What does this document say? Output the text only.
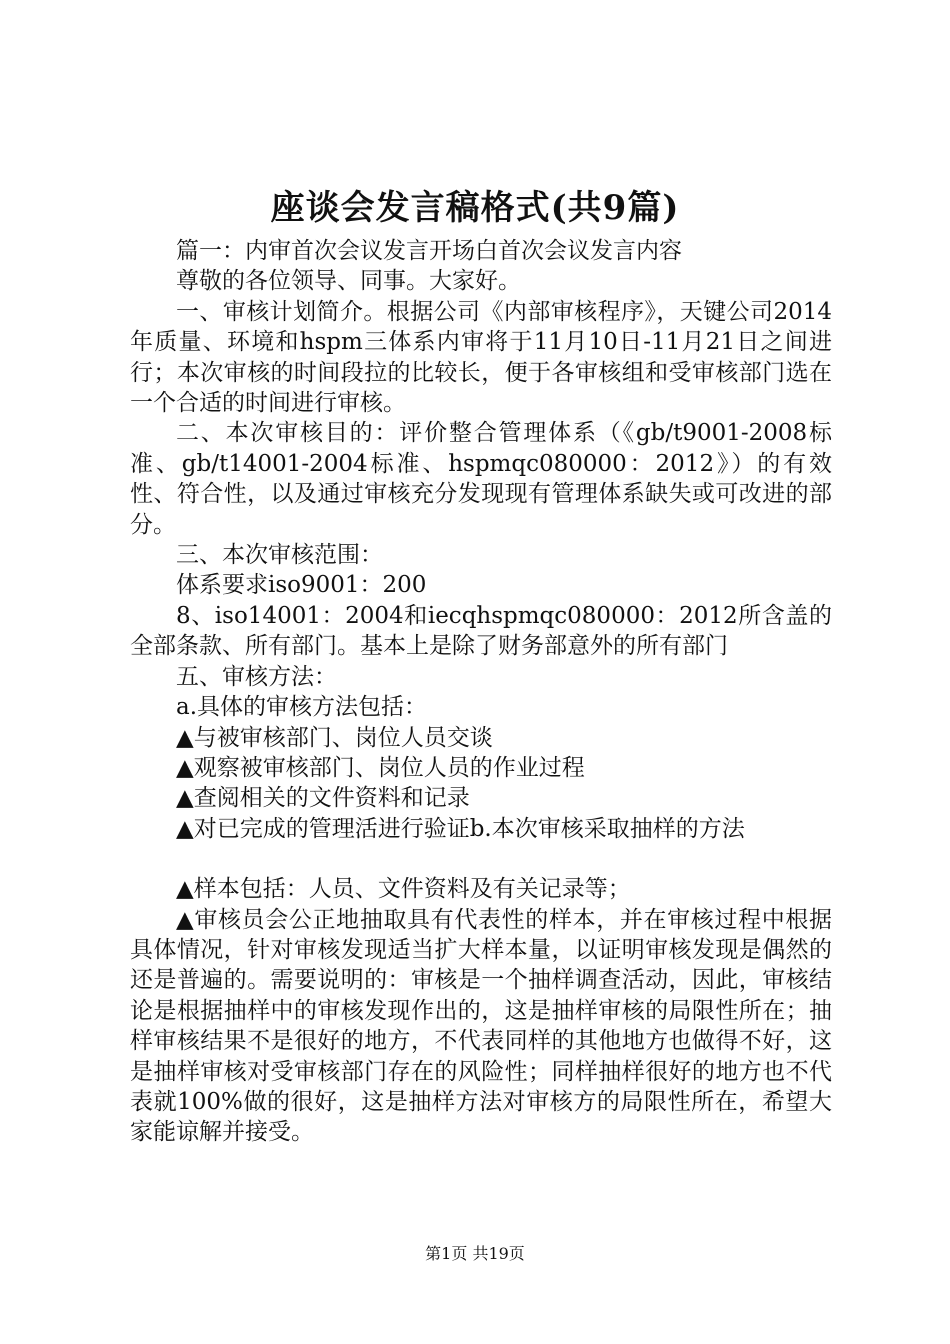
座谈会发言稿格式(共9篇)

篇一：内审首次会议发言开场白首次会议发言内容

尊敬的各位领导、同事。大家好。

一、审核计划简介。根据公司《内部审核程序》，天键公司2014年质量、环境和hspm三体系内审将于11月10日-11月21日之间进行；本次审核的时间段拉的比较长，便于各审核组和受审核部门选在一个合适的时间进行审核。

二、本次审核目的：评价整合管理体系（《gb/t9001-2008标准、gb/t14001-2004标准、hspmqc080000：2012》）的有效性、符合性，以及通过审核充分发现现有管理体系缺失或可改进的部分。

三、本次审核范围：

体系要求iso9001：200

8、iso14001：2004和iecqhspmqc080000：2012所含盖的全部条款、所有部门。基本上是除了财务部意外的所有部门

五、审核方法：

a.具体的审核方法包括：

▲与被审核部门、岗位人员交谈

▲观察被审核部门、岗位人员的作业过程

▲查阅相关的文件资料和记录

▲对已完成的管理活进行验证b.本次审核采取抽样的方法

▲样本包括：人员、文件资料及有关记录等；

▲审核员会公正地抽取具有代表性的样本，并在审核过程中根据具体情况，针对审核发现适当扩大样本量，以证明审核发现是偶然的还是普遍的。需要说明的：审核是一个抽样调查活动，因此，审核结论是根据抽样中的审核发现作出的，这是抽样审核的局限性所在；抽样审核结果不是很好的地方，不代表同样的其他地方也做得不好，这是抽样审核对受审核部门存在的风险性；同样抽样很好的地方也不代表就100%做的很好，这是抽样方法对审核方的局限性所在，希望大家能谅解并接受。

第1页 共19页
